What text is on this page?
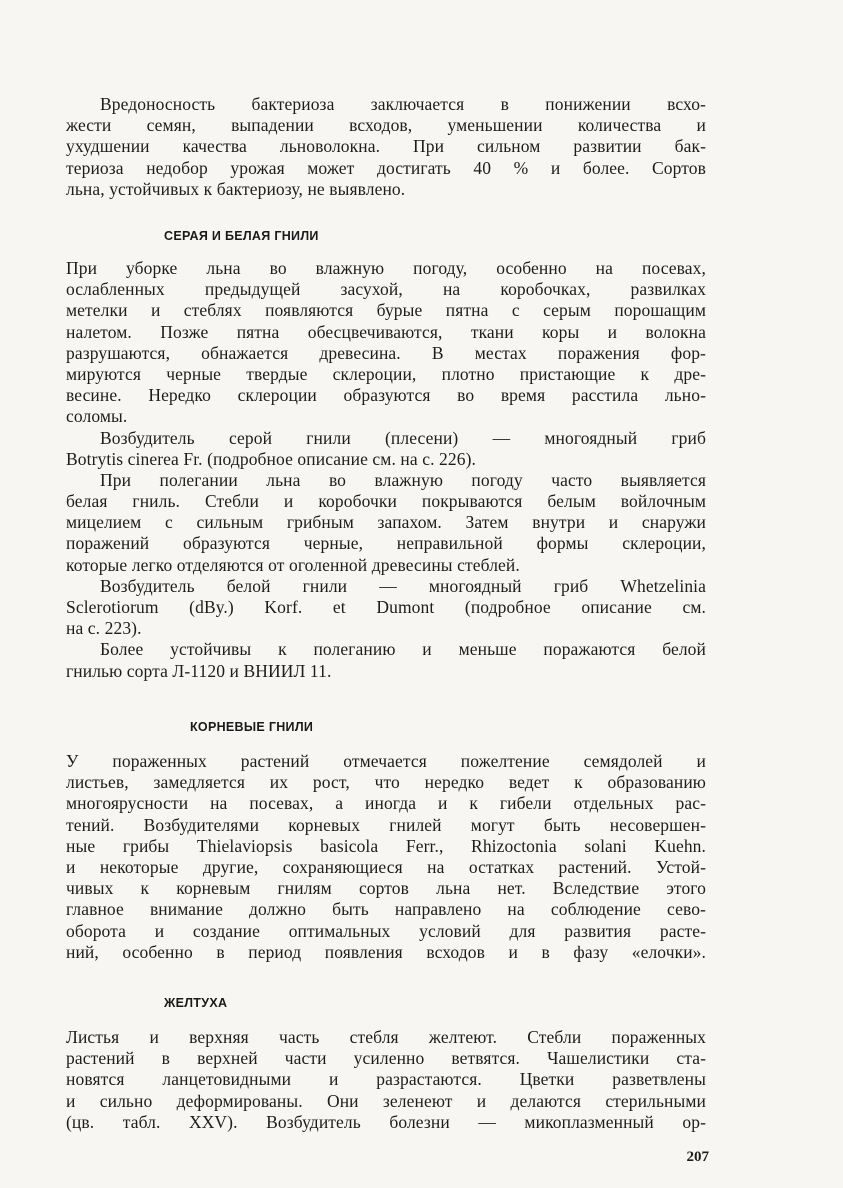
Вредоносность бактериоза заключается в понижении всхо-
жести семян, выпадении всходов, уменьшении количества и
ухудшении качества льноволокна. При сильном развитии бак-
териоза недобор урожая может достигать 40 % и более. Сортов
льна, устойчивых к бактериозу, не выявлено.
СЕРАЯ И БЕЛАЯ ГНИЛИ
При уборке льна во влажную погоду, особенно на посевах,
ослабленных предыдущей засухой, на коробочках, развилках
метелки и стеблях появляются бурые пятна с серым порошащим
налетом. Позже пятна обесцвечиваются, ткани коры и волокна
разрушаются, обнажается древесина. В местах поражения фор-
мируются черные твердые склероции, плотно пристающие к дре-
весине. Нередко склероции образуются во время расстила льно-
соломы.
Возбудитель серой гнили (плесени) — многоядный гриб
Botrytis cinerea Fr. (подробное описание см. на с. 226).
При полегании льна во влажную погоду часто выявляется
белая гниль. Стебли и коробочки покрываются белым войлочным
мицелием с сильным грибным запахом. Затем внутри и снаружи
поражений образуются черные, неправильной формы склероции,
которые легко отделяются от оголенной древесины стеблей.
Возбудитель белой гнили — многоядный гриб Whetzelinia
Sclerotiorum (dBy.) Korf. et Dumont (подробное описание см.
на с. 223).
Более устойчивы к полеганию и меньше поражаются белой
гнилью сорта Л-1120 и ВНИИЛ 11.
КОРНЕВЫЕ ГНИЛИ
У пораженных растений отмечается пожелтение семядолей и
листьев, замедляется их рост, что нередко ведет к образованию
многоярусности на посевах, а иногда и к гибели отдельных рас-
тений. Возбудителями корневых гнилей могут быть несовершен-
ные грибы Thielaviopsis basicola Ferr., Rhizoctonia solani Kuehn.
и некоторые другие, сохраняющиеся на остатках растений. Устой-
чивых к корневым гнилям сортов льна нет. Вследствие этого
главное внимание должно быть направлено на соблюдение сево-
оборота и создание оптимальных условий для развития расте-
ний, особенно в период появления всходов и в фазу «елочки».
ЖЕЛТУХА
Листья и верхняя часть стебля желтеют. Стебли пораженных
растений в верхней части усиленно ветвятся. Чашелистики ста-
новятся ланцетовидными и разрастаются. Цветки разветвлены
и сильно деформированы. Они зеленеют и делаются стерильными
(цв. табл. XXV). Возбудитель болезни — микоплазменный ор-
207
